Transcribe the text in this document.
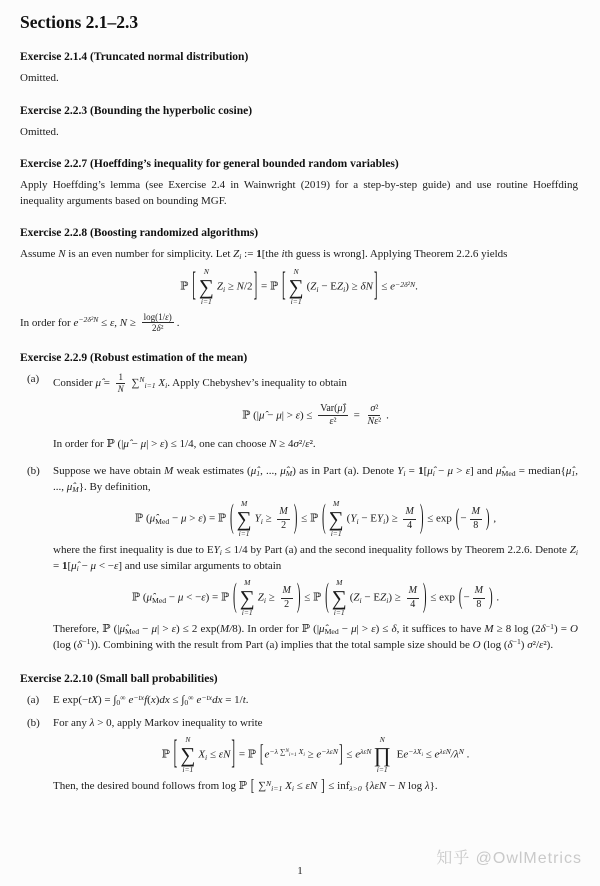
Sections 2.1–2.3
Exercise 2.1.4 (Truncated normal distribution)
Omitted.
Exercise 2.2.3 (Bounding the hyperbolic cosine)
Omitted.
Exercise 2.2.7 (Hoeffding’s inequality for general bounded random variables)
Apply Hoeffding’s lemma (see Exercise 2.4 in Wainwright (2019) for a step-by-step guide) and use routine Hoeffding inequality arguments based on bounding MGF.
Exercise 2.2.8 (Boosting randomized algorithms)
Assume N is an even number for simplicity. Let Zi := 1[the ith guess is wrong]. Applying Theorem 2.2.6 yields
ℙ [ N
∑
i=1
Zi ≥ N/2] = ℙ [ N
∑
i=1
$(Zi - EZi) \ge \delta N] \le e^{-2\delta^2N}$.
In order for $e^{-2\delta^2N} \le \varepsilon$, $N \ge \frac{\log(1/\varepsilon)}{\text{2δ²}}$ .
Exercise 2.2.9 (Robust estimation of the mean)
(a)	Consider μ̂ = $\frac{1}{N} \sum^Ni=1$ Xi. Apply Chebyshev’s inequality to obtain
ℙ (|μ̂ − $\mu| > \varepsilon) \le \frac{\text{Var(μ̂)}}{\text{ε²}} = \frac{\text{σ²}}{\text{Nε²}}$ .
In order for ℙ (|μ̂ − μ| > ε) ≤ 1/4, one can choose N ≥ 4σ²/ε².
(b)	Suppose we have obtain M weak estimates (μ̂1, ..., μ̂M) as in Part (a). Denote Yi = 1[μ̂i − μ > ε] and μ̂Med = median{μ̂1, ..., μ̂M}. By definition,
ℙ (μ̂Med − μ > ε) = ℙ ( M
∑
i=1
$Yi \ge \frac{M}{2}$ ) ≤ ℙ ( M
∑
i=1
$(Yi - EYi) \ge \frac{M}{4}$ ) ≤ exp (− $\frac{M}{8}$ ) ,
where the first inequality is due to EYi ≤ 1/4 by Part (a) and the second inequality follows by Theorem 2.2.6. Denote Zi = 1[μ̂i − μ < −ε] and use similar arguments to obtain
ℙ (μ̂Med − μ < −ε) = ℙ ( M
∑
i=1
$Zi \ge \frac{M}{2}$ ) ≤ ℙ ( M
∑
i=1
$(Zi - EZi) \ge \frac{M}{4}$ ) ≤ exp (− $\frac{M}{8}$ ) .
Therefore, ℙ (|μ̂Med − μ| > ε) ≤ 2 exp(M/8). In order for ℙ (|μ̂Med − μ| > ε) ≤ δ, it suffices to have M ≥ 8 $\log (2\delta^{-1}) = O$ (log $(\delta^{-1})$). Combining with the result from Part (a) implies that the total sample size should be O (log $(\delta^{-1})$ σ²/ε²).
Exercise 2.2.10 (Small ball probabilities)
(a)	E exp(−tX) = ∫0∞ $e^{-tx}f(x)dx \le \int 0^\infty$ $e^{-tx}dx = 1/t$.
(b)	For any λ > 0, apply Markov inequality to write
ℙ [ N
∑
i=1
Xi ≤ εN] = ℙ $[e^{-\lambda \sum^Ni=1 Xi} \ge e^{-\lambda\varepsilon N}] \le e^{\lambda\varepsilon N}$
N
∏
i=1
$Ee^{-\lambda Xi} \le e^{\lambda\varepsilon N}/\lambda^N$ .
Then, the desired bound follows from log ℙ [ ∑$^N$i=1 Xi ≤ εN ] ≤ infλ>0 {λεN − N log λ}.
1
知乎 @OwlMetrics
